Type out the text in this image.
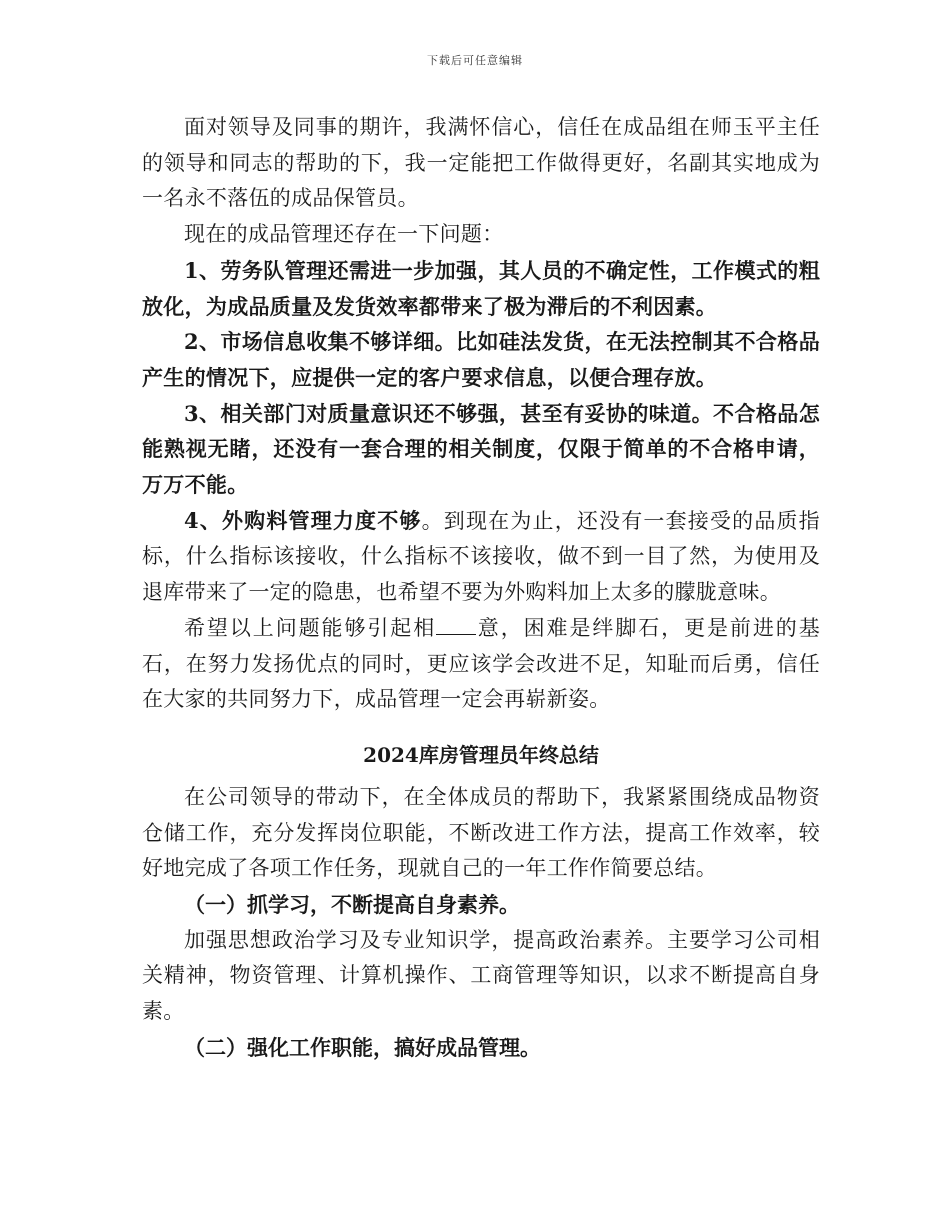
下载后可任意编辑

面对领导及同事的期许，我满怀信心，信任在成品组在师玉平主任的领导和同志的帮助的下，我一定能把工作做得更好，名副其实地成为一名永不落伍的成品保管员。

现在的成品管理还存在一下问题：

1、劳务队管理还需进一步加强，其人员的不确定性，工作模式的粗放化，为成品质量及发货效率都带来了极为滞后的不利因素。

2、市场信息收集不够详细。比如硅法发货，在无法控制其不合格品产生的情况下，应提供一定的客户要求信息，以便合理存放。

3、相关部门对质量意识还不够强，甚至有妥协的味道。不合格品怎能熟视无睹，还没有一套合理的相关制度，仅限于简单的不合格申请，万万不能。

4、外购料管理力度不够。到现在为止，还没有一套接受的品质指标，什么指标该接收，什么指标不该接收，做不到一目了然，为使用及退库带来了一定的隐患，也希望不要为外购料加上太多的朦胧意味。

希望以上问题能够引起相 意，困难是绊脚石，更是前进的基石，在努力发扬优点的同时，更应该学会改进不足，知耻而后勇，信任在大家的共同努力下，成品管理一定会再崭新姿。

2024库房管理员年终总结

在公司领导的带动下，在全体成员的帮助下，我紧紧围绕成品物资仓储工作，充分发挥岗位职能，不断改进工作方法，提高工作效率，较好地完成了各项工作任务，现就自己的一年工作作简要总结。

（一）抓学习，不断提高自身素养。

加强思想政治学习及专业知识学，提高政治素养。主要学习公司相关精神，物资管理、计算机操作、工商管理等知识，以求不断提高自身素。

（二）强化工作职能，搞好成品管理。
